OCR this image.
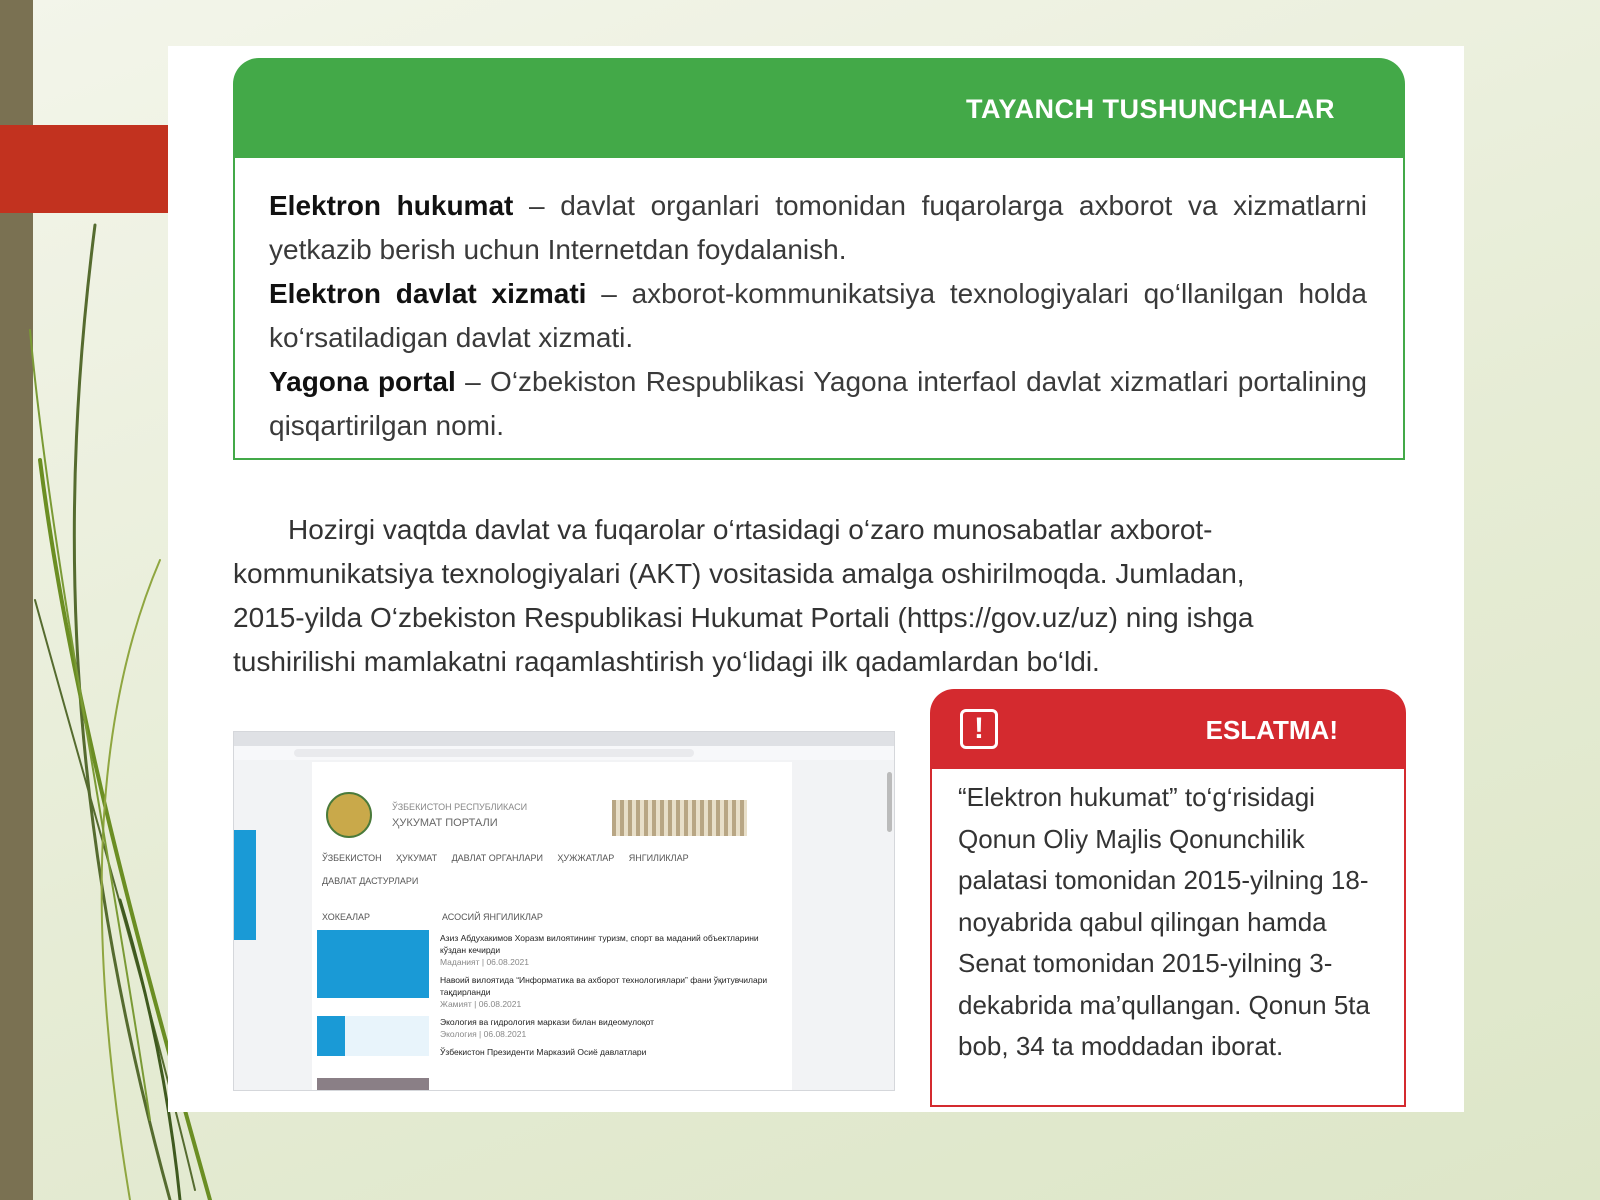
TAYANCH TUSHUNCHALAR
Elektron hukumat – davlat organlari tomonidan fuqarolarga axborot va xizmatlarni yetkazib berish uchun Internetdan foydalanish.
Elektron davlat xizmati – axborot-kommunikatsiya texnologiyalari qo‘llanilgan holda ko‘rsatiladigan davlat xizmati.
Yagona portal – O‘zbekiston Respublikasi Yagona interfaol davlat xizmatlari portalining qisqartirilgan nomi.
Hozirgi vaqtda davlat va fuqarolar o‘rtasidagi o‘zaro munosabatlar axborot-kommunikatsiya texnologiyalari (AKT) vositasida amalga oshirilmoqda. Jumladan, 2015-yilda O‘zbekiston Respublikasi Hukumat Portali (https://gov.uz/uz) ning ishga tushirilishi mamlakatni raqamlashtirish yo‘lidagi ilk qadamlardan bo‘ldi.
ЎЗБЕКИСТОН РЕСПУБЛИКАСИ
ҲУКУМАТ ПОРТАЛИ
ЎЗБЕКИСТОН ҲУКУМАТ ДАВЛАТ ОРГАНЛАРИ ҲУЖЖАТЛАР ЯНГИЛИКЛАР
ДАВЛАТ ДАСТУРЛАРИ
ХОКЕАЛАР	АСОСИЙ ЯНГИЛИКЛАР
Азиз Абдухакимов Хоразм вилоятининг туризм, спорт ва маданий объектларини кўздан кечирди
Маданият | 06.08.2021
Навоий вилоятида “Информатика ва ахборот технологиялари” фани ўқитувчилари тақдирланди
Жамият | 06.08.2021
Экология ва гидрология маркази билан видеомулоқот
Экология | 06.08.2021
Ўзбекистон Президенти Марказий Осиё давлатлари
!	ESLATMA!
“Elektron hukumat” to‘g‘risidagi Qonun Oliy Majlis Qonunchilik palatasi tomonidan 2015-yilning 18-noyabrida qabul qilingan hamda Senat tomonidan 2015-yilning 3-dekabrida ma’qullangan. Qonun 5ta bob, 34 ta moddadan iborat.
